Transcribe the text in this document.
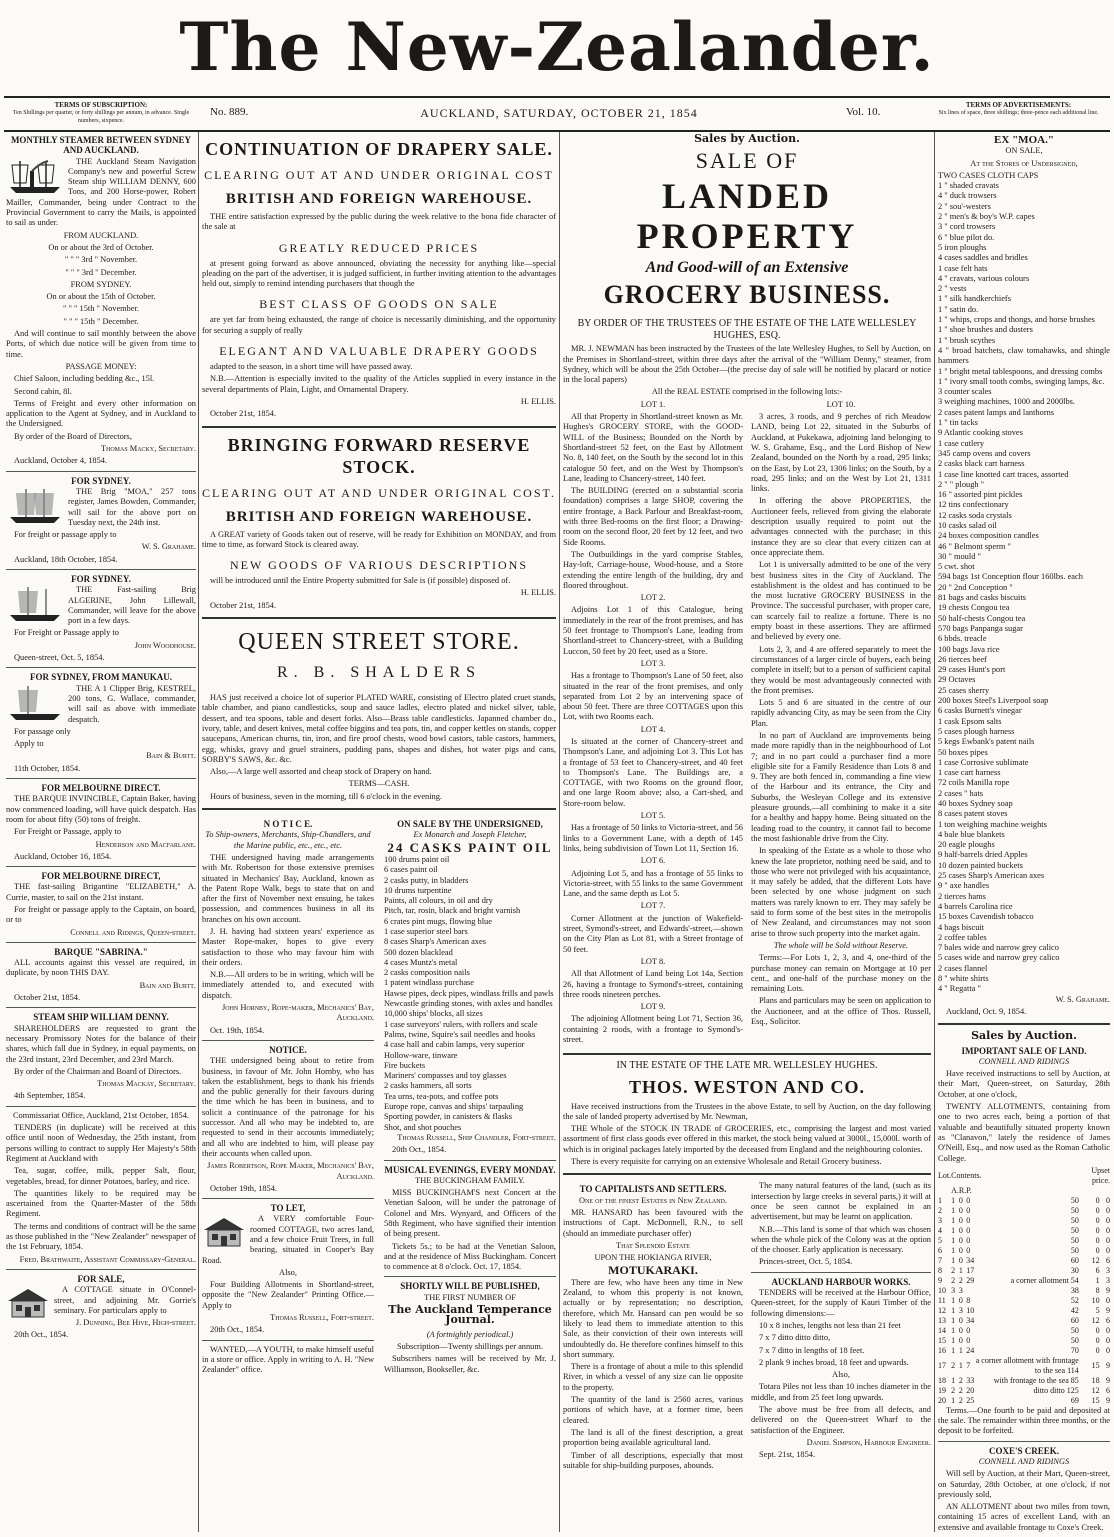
The New-Zealander.
TERMS OF SUBSCRIPTION:
Ten Shillings per quarter, or forty shillings per annum, in advance. Single numbers, sixpence.
No. 889.	AUCKLAND, SATURDAY, OCTOBER 21, 1854	Vol. 10.
TERMS OF ADVERTISEMENTS:
Six lines of space, three shillings; three-pence each additional line.

MONTHLY STEAMER BETWEEN SYDNEY AND AUCKLAND.

THE Auckland Steam Navigation Company's new and powerful Screw Steam ship WILLIAM DENNY, 600 Tons, and 200 Horse-power, Robert Mailler, Commander, being under Contract to the Provincial Government to carry the Mails, is appointed to sail as under.

FROM AUCKLAND.

On or about the 3rd of October.

" " " 3rd " November.

" " " 3rd " December.

FROM SYDNEY.

On or about the 15th of October.

" " " 15th " November.

" " " 15th " December.

And will continue to sail monthly between the above Ports, of which due notice will be given from time to time.

PASSAGE MONEY:

Chief Saloon, including bedding &c., 15l.

Second cabin, 8l.

Terms of Freight and every other information on application to the Agent at Sydney, and in Auckland to the Undersigned.

By order of the Board of Directors,

Thomas Macky, Secretary.

Auckland, October 4, 1854.

FOR SYDNEY.

THE Brig "MOA," 257 tons register, James Bowden, Commander, will sail for the above port on Tuesday next, the 24th inst.

For freight or passage apply to

W. S. Grahame.

Auckland, 18th October, 1854.

FOR SYDNEY.

THE Fast-sailing Brig ALGERINE, John Lillewall, Commander, will leave for the above port in a few days.

For Freight or Passage apply to

John Woodhouse.

Queen-street, Oct. 5, 1854.

FOR SYDNEY, FROM MANUKAU.

THE A 1 Clipper Brig, KESTREL, 200 tons, G. Wallace, commander, will sail as above with immediate despatch.

For passage only

Apply to

Bain & Burtt.

11th October, 1854.

FOR MELBOURNE DIRECT.

THE BARQUE INVINCIBLE, Captain Baker, having now commenced loading, will have quick despatch. Has room for about fifty (50) tons of freight.

For Freight or Passage, apply to

Henderson and Macfarlane.

Auckland, October 16, 1854.

FOR MELBOURNE DIRECT,

THE fast-sailing Brigantine "ELIZABETH," A. Currie, master, to sail on the 21st instant.

For freight or passage apply to the Captain, on board, or to

Connell and Ridings, Queen-street.

BARQUE "SABRINA."

ALL accounts against this vessel are required, in duplicate, by noon THIS DAY.

Bain and Burtt.

October 21st, 1854.

STEAM SHIP WILLIAM DENNY.

SHAREHOLDERS are requested to grant the necessary Promissory Notes for the balance of their shares, which fall due in Sydney, in equal payments, on the 23rd instant, 23rd December, and 23rd March.

By order of the Chairman and Board of Directors.

Thomas Mackay, Secretary.

4th September, 1854.

Commissariat Office, Auckland, 21st October, 1854.

TENDERS (in duplicate) will be received at this office until noon of Wednesday, the 25th instant, from persons willing to contract to supply Her Majesty's 58th Regiment at Auckland with

Tea, sugar, coffee, milk, pepper Salt, flour, vegetables, bread, for dinner Potatoes, barley, and rice.

The quantities likely to be required may be ascertained from the Quarter-Master of the 58th Regiment.

The terms and conditions of contract will be the same as those published in the "New Zealander" newspaper of the 1st February, 1854.

Fred. Brathwaite, Assistant Commissary-General.

FOR SALE,

A COTTAGE situate in O'Connel-street, and adjoining Mr. Gorrie's seminary. For particulars apply to

J. Dunning, Bee Hive, High-street.

20th Oct., 1854.

CONTINUATION OF DRAPERY SALE.

CLEARING OUT AT AND UNDER ORIGINAL COST

BRITISH AND FOREIGN WAREHOUSE.

THE entire satisfaction expressed by the public during the week relative to the bona fide character of the sale at

GREATLY REDUCED PRICES

at present going forward as above announced, obviating the necessity for anything like—special pleading on the part of the advertiser, it is judged sufficient, in further inviting attention to the advantages held out, simply to remind intending purchasers that though the

BEST CLASS OF GOODS ON SALE

are yet far from being exhausted, the range of choice is necessarily diminishing, and the opportunity for securing a supply of really

ELEGANT AND VALUABLE DRAPERY GOODS

adapted to the season, in a short time will have passed away.

N.B.—Attention is especially invited to the quality of the Articles supplied in every instance in the several departments of Plain, Light, and Ornamental Drapery.

H. ELLIS.

October 21st, 1854.

BRINGING FORWARD RESERVE STOCK.

CLEARING OUT AT AND UNDER ORIGINAL COST.

BRITISH AND FOREIGN WAREHOUSE.

A GREAT variety of Goods taken out of reserve, will be ready for Exhibition on MONDAY, and from time to time, as forward Stock is cleared away.

NEW GOODS OF VARIOUS DESCRIPTIONS

will be introduced until the Entire Property submitted for Sale is (if possible) disposed of.

H. ELLIS.

October 21st, 1854.

QUEEN STREET STORE.

R. B. SHALDERS

HAS just received a choice lot of superior PLATED WARE, consisting of Electro plated cruet stands, table chamber, and piano candlesticks, soup and sauce ladles, electro plated and nickel silver, table, dessert, and tea spoons, table and desert forks. Also—Brass table candlesticks. Japanned chamber do., ivory, table, and desert knives, metal coffee biggins and tea pots, tin, and copper kettles on stands, copper saucepans, American churns, tin, iron, and fire proof chests, wood bowl castors, table castors, hammers, egg, whisks, gravy and gruel strainers, pudding pans, shapes and dishes, hot water pigs and cans, SORBY'S SAWS, &c. &c.

Also,—A large well assorted and cheap stock of Drapery on hand.

TERMS—CASH.

Hours of business, seven in the morning, till 6 o'clock in the evening.

N O T I C E.

To Ship-owners, Merchants, Ship-Chandlers, and the Marine public, etc., etc., etc.

THE undersigned having made arrangements with Mr. Robertson for those extensive premises situated in Mechanics' Bay, Auckland, known as the Patent Rope Walk, begs to state that on and after the first of November next ensuing, he takes possession, and commences business in all its branches on his own account.

J. H. having had sixteen years' experience as Master Rope-maker, hopes to give every satisfaction to those who may favour him with their orders.

N.B.—All orders to be in writing, which will be immediately attended to, and executed with dispatch.

John Hornby, Rope-maker, Mechanics' Bay, Auckland.

Oct. 19th, 1854.

NOTICE.

THE undersigned being about to retire from business, in favour of Mr. John Hornby, who has taken the establishment, begs to thank his friends and the public generally for their favours during the time which he has been in business, and to solicit a continuance of the patronage for his successor. And all who may be indebted to, are requested to send in their accounts immediately; and all who are indebted to him, will please pay their accounts when called upon.

James Robertson, Rope Maker, Mechanics' Bay, Auckland.

October 19th, 1854.

TO LET,

A VERY comfortable Four-roomed COTTAGE, two acres land, and a few choice Fruit Trees, in full bearing, situated in Cooper's Bay Road.

Also,

Four Building Allotments in Shortland-street, opposite the "New Zealander" Printing Office.—Apply to

Thomas Russell, Fort-street.

20th Oct., 1854.

WANTED,—A YOUTH, to make himself useful in a store or office. Apply in writing to A. H. "New Zealander" office.

ON SALE BY THE UNDERSIGNED,

Ex Monarch and Joseph Fletcher,

24 CASKS PAINT OIL

100 drums paint oil

6 cases paint oil

2 casks putty, in bladders

10 drums turpentine

Paints, all colours, in oil and dry

Pitch, tar, rosin, black and bright varnish

6 crates pint mugs, flowing blue

1 case superior steel bars

8 cases Sharp's American axes

500 dozen blacklead

4 cases Muntz's metal

2 casks composition nails

1 patent windlass purchase

Hawse pipes, deck pipes, windlass frills and pawls

Newcastle grinding stones, with axles and handles

10,000 ships' blocks, all sizes

1 case surveyors' rulers, with rollers and scale

Palms, twine, Squire's sail needles and hooks

4 case hall and cabin lamps, very superior

Hollow-ware, tinware

Fire buckets

Mariners' compasses and toy glasses

2 casks hammers, all sorts

Tea urns, tea-pots, and coffee pots

Europe rope, canvas and ships' tarpauling

Sporting powder, in canisters & flasks

Shot, and shot pouches

Thomas Russell, Ship Chandler, Fort-street.

20th Oct., 1854.

MUSICAL EVENINGS, EVERY MONDAY.

THE BUCKINGHAM FAMILY.

MISS BUCKINGHAM'S next Concert at the Venetian Saloon, will be under the patronage of Colonel and Mrs. Wynyard, and Officers of the 58th Regiment, who have signified their intention of being present.

Tickets 5s.; to be had at the Venetian Saloon, and at the residence of Miss Buckingham. Concert to commence at 8 o'clock. Oct. 17, 1854.

SHORTLY WILL BE PUBLISHED,

THE FIRST NUMBER OF

The Auckland Temperance Journal.

(A fortnightly periodical.)

Subscription—Twenty shillings per annum.

Subscribers names will be received by Mr. J. Williamson, Bookseller, &c.

Sales by Auction.

SALE OF

LANDED PROPERTY

And Good-will of an Extensive

GROCERY BUSINESS.

BY ORDER OF THE TRUSTEES OF THE ESTATE OF THE LATE WELLESLEY HUGHES, ESQ.

MR. J. NEWMAN has been instructed by the Trustees of the late Wellesley Hughes, to Sell by Auction, on the Premises in Shortland-street, within three days after the arrival of the "William Denny," steamer, from Sydney, which will be about the 25th October—(the precise day of sale will be notified by placard or notice in the local papers)

All the REAL ESTATE comprised in the following lots:-

LOT 1.

All that Property in Shortland-street known as Mr. Hughes's GROCERY STORE, with the GOOD-WILL of the Business; Bounded on the North by Shortland-street 52 feet, on the East by Allotment No. 8, 140 feet, on the South by the second lot in this catalogue 50 feet, and on the West by Thompson's Lane, leading to Chancery-street, 140 feet.

The BUILDING (erected on a substantial scoria foundation) comprises a large SHOP, covering the entire frontage, a Back Parlour and Breakfast-room, with three Bed-rooms on the first floor; a Drawing-room on the second floor, 20 feet by 12 feet, and two Side Rooms.

The Outbuildings in the yard comprise Stables, Hay-loft, Carriage-house, Wood-house, and a Store extending the entire length of the building, dry and floored throughout.

LOT 2.

Adjoins Lot 1 of this Catalogue, being immediately in the rear of the front premises, and has 50 feet frontage to Thompson's Lane, leading from Shortland-street to Chancery-street, with a Building Luccon, 50 feet by 20 feet, used as a Store.

LOT 3.

Has a frontage to Thompson's Lane of 50 feet, also situated in the rear of the front premises, and only separated from Lot 2 by an intervening space of about 50 feet. There are three COTTAGES upon this Lot, with two Rooms each.

LOT 4.

Is situated at the corner of Chancery-street and Thompson's Lane, and adjoining Lot 3. This Lot has a frontage of 53 feet to Chancery-street, and 40 feet to Thompson's Lane. The Buildings are, a COTTAGE, with two Rooms on the ground floor, and one large Room above; also, a Cart-shed, and Store-room below.

LOT 5.

Has a frontage of 50 links to Victoria-street, and 56 links to a Government Lane, with a depth of 145 links, being subdivision of Town Lot 11, Section 16.

LOT 6.

Adjoining Lot 5, and has a frontage of 55 links to Victoria-street, with 55 links to the same Government Lane, and the same depth as Lot 5.

LOT 7.

Corner Allotment at the junction of Wakefield-street, Symond's-street, and Edwards'-street,—shown on the City Plan as Lot 81, with a Street frontage of 50 feet.

LOT 8.

All that Allotment of Land being Lot 14a, Section 26, having a frontage to Symond's-street, containing three roods nineteen perches.

LOT 9.

The adjoining Allotment being Lot 71, Section 36, containing 2 roods, with a frontage to Symond's-street.

LOT 10.

3 acres, 3 roods, and 9 perches of rich Meadow LAND, being Lot 22, situated in the Suburbs of Auckland, at Pukekawa, adjoining land belonging to W. S. Grahame, Esq., and the Lord Bishop of New Zealand, bounded on the North by a road, 295 links; on the East, by Lot 23, 1306 links; on the South, by a road, 295 links; and on the West by Lot 21, 1311 links.

In offering the above PROPERTIES, the Auctioneer feels, relieved from giving the elaborate description usually required to point out the advantages connected with the purchase; in this instance they are so clear that every citizen can at once appreciate them.

Lot 1 is universally admitted to be one of the very best business sites in the City of Auckland. The establishment is the oldest and has continued to be the most lucrative GROCERY BUSINESS in the Province. The successful purchaser, with proper care, can scarcely fail to realize a fortune. There is no empty boast in these assertions. They are affirmed and believed by every one.

Lots 2, 3, and 4 are offered separately to meet the circumstances of a larger circle of buyers, each being complete in itself; but to a person of sufficient capital they would be most advantageously connected with the front premises.

Lots 5 and 6 are situated in the centre of our rapidly advancing City, as may be seen from the City Plan.

In no part of Auckland are improvements being made more rapidly than in the neighbourhood of Lot 7; and in no part could a purchaser find a more eligible site for a Family Residence than Lots 8 and 9. They are both fenced in, commanding a fine view of the Harbour and its entrance, the City and Suburbs, the Wesleyan College and its extensive pleasure grounds,—all combining to make it a site for a healthy and happy home. Being situated on the leading road to the country, it cannot fail to become the most fashionable drive from the City.

In speaking of the Estate as a whole to those who knew the late proprietor, nothing need be said, and to those who were not privileged with his acquaintance, it may safely be added, that the different Lots have been selected by one whose judgment on such matters was rarely known to err. They may safely be said to form some of the best sites in the metropolis of New Zealand, and circumstances may not soon arise to throw such property into the market again.

The whole will be Sold without Reserve.

Terms:—For Lots 1, 2, 3, and 4, one-third of the purchase money can remain on Mortgage at 10 per cent., and one-half of the purchase money on the remaining Lots.

Plans and particulars may be seen on application to the Auctioneer, and at the office of Thos. Russell, Esq., Solicitor.

IN THE ESTATE OF THE LATE MR. WELLESLEY HUGHES.

THOS. WESTON AND CO.

Have received instructions from the Trustees in the above Estate, to sell by Auction, on the day following the sale of landed property advertised by Mr. Newman,

THE Whole of the STOCK IN TRADE of GROCERIES, etc., comprising the largest and most varied assortment of first class goods ever offered in this market, the stock being valued at 3000l., 15,000l. worth of which is in original packages lately imported by the deceased from England and the neighbouring colonies.

There is every requisite for carrying on an extensive Wholesale and Retail Grocery business.

TO CAPITALISTS AND SETTLERS.

One of the finest Estates in New Zealand.

MR. HANSARD has been favoured with the instructions of Capt. McDonnell, R.N., to sell (should an immediate purchaser offer)

That Splendid Estate

UPON THE HOKIANGA RIVER,

MOTUKARAKI.

There are few, who have been any time in New Zealand, to whom this property is not known, actually or by representation; no description, therefore, which Mr. Hansard can pen would be so likely to lead them to immediate attention to this Sale, as their conviction of their own interests will undoubtedly do. He therefore confines himself to this short summary.

There is a frontage of about a mile to this splendid River, in which a vessel of any size can lie opposite to the property.

The quantity of the land is 2560 acres, various portions of which have, at a former time, been cleared.

The land is all of the finest description, a great proportion being available agricultural land.

Timber of all descriptions, especially that most suitable for ship-building purposes, abounds.

The many natural features of the land, (such as its intersection by large creeks in several parts,) it will at once be seen cannot be explained in an advertisement, but may be learnt on application.

N.B.—This land is some of that which was chosen when the whole pick of the Colony was at the option of the chooser. Early application is necessary.

Princes-street, Oct. 5, 1854.

AUCKLAND HARBOUR WORKS.

TENDERS will be received at the Harbour Office, Queen-street, for the supply of Kauri Timber of the following dimensions:—

10 x 8 inches, lengths not less than 21 feet

7 x 7 ditto ditto ditto,

7 x 7 ditto in lengths of 18 feet.

2 plank 9 inches broad, 18 feet and upwards.

Also,

Totara Piles not less than 10 inches diameter in the middle, and from 25 feet long upwards.

The above must be free from all defects, and delivered on the Queen-street Wharf to the satisfaction of the Engineer.

Daniel Simpson, Harbour Engineer.

Sept. 21st, 1854.

EX "MOA."

ON SALE,

At the Stores of Undersigned,

TWO CASES CLOTH CAPS

1 " shaded cravats

4 " duck trowsers

2 " sou'-westers

2 " men's & boy's W.P. capes

3 " cord trowsers

6 " blue pilot do.

5 iron ploughs

4 cases saddles and bridles

1 case felt hats

4 " cravats, various colours

2 " vests

1 " silk handkerchiefs

1 " satin do.

1 " whips, crops and thongs, and horse brushes

1 " shoe brushes and dusters

1 " brush scythes

4 " broad hatchets, claw tomahawks, and shingle hammers

1 " bright metal tablespoons, and dressing combs

1 " ivory small tooth combs, swinging lamps, &c.

3 counter scales

3 weighing machines, 1000 and 2000lbs.

2 cases patent lamps and lanthorns

1 " tin tacks

9 Atlantic cooking stoves

1 case cutlery

345 camp ovens and covers

2 casks black cart harness

1 case line knotted cart traces, assorted

2 " " plough "

16 " assorted pint pickles

12 tins confectionary

12 casks soda crystals

10 casks salad oil

24 boxes composition candles

46 " Belmont sperm "

30 " mould "

5 cwt. shot

594 bags 1st Conception flour 160lbs. each

20 " 2nd Conception "

81 bags and casks biscuits

19 chests Congou tea

50 half-chests Congou tea

570 bags Panpanga sugar

6 bbds. treacle

100 bags Java rice

26 tierces beef

29 cases Hunt's port

29 Octaves

25 cases sherry

200 boxes Steel's Liverpool soap

6 casks Burnett's vinegar

1 cask Epsom salts

5 cases plough harness

5 kegs Ewbank's patent nails

50 boxes pipes

1 case Corrosive sublimate

1 case cart harness

72 coils Manilla rope

2 cases " hats

40 boxes Sydney soap

8 cases patent stoves

1 ton weighing machine weights

4 bale blue blankets

20 eagle ploughs

9 half-barrels dried Apples

10 dozen painted buckets

25 cases Sharp's American axes

9 " axe handles

2 tierces hams

4 barrels Carolina rice

15 boxes Cavendish tobacco

4 bags biscuit

2 coffee tables

7 bales wide and narrow grey calico

5 cases wide and narrow grey calico

2 cases flannel

8 " white shirts

4 " Regatta "

W. S. Grahame.

Auckland, Oct. 9, 1854.

Sales by Auction.

IMPORTANT SALE OF LAND.

CONNELL AND RIDINGS

Have received instructions to sell by Auction, at their Mart, Queen-street, on Saturday, 28th October, at one o'clock,

TWENTY ALLOTMENTS, containing from one to two acres each, being a portion of that valuable and beautifully situated property known as "Clanavon," lately the residence of James O'Neill, Esq., and now used as the Roman Catholic College.

Lot.	Contents.				Upset price.	
	A.	R.	P.			
1	1	0	0	50	0	0
2	1	0	0	50	0	0
3	1	0	0	50	0	0
4	1	0	0	50	0	0
5	1	0	0	50	0	0
6	1	0	0	50	0	0
7	1	0	34	60	12	6
8	2	1	17	30	6	3
9	2	2	29	a corner allotment 54	1	3
10	3	3		38	8	9
11	1	0	8	52	10	0
12	1	3	10	42	5	9
13	1	0	34	60	12	6
14	1	0	0	50	0	0
15	1	0	0	50	0	0
16	1	1	24	70	0	0
17	2	1	7	a corner allotment with frontage to the sea 114	15	9
18	1	2	33	with frontage to the sea 85	18	9
19	2	2	20	ditto ditto 125	12	6
20	1	2	25	69	15	9

Terms.—One fourth to be paid and deposited at the sale. The remainder within three months, or the deposit to be forfeited.

COXE'S CREEK.

CONNELL AND RIDINGS

Will sell by Auction, at their Mart, Queen-street, on Saturday, 28th October, at one o'clock, if not previously sold,

AN ALLOTMENT about two miles from town, containing 15 acres of excellent Land, with an extensive and available frontage to Coxe's Creek.
